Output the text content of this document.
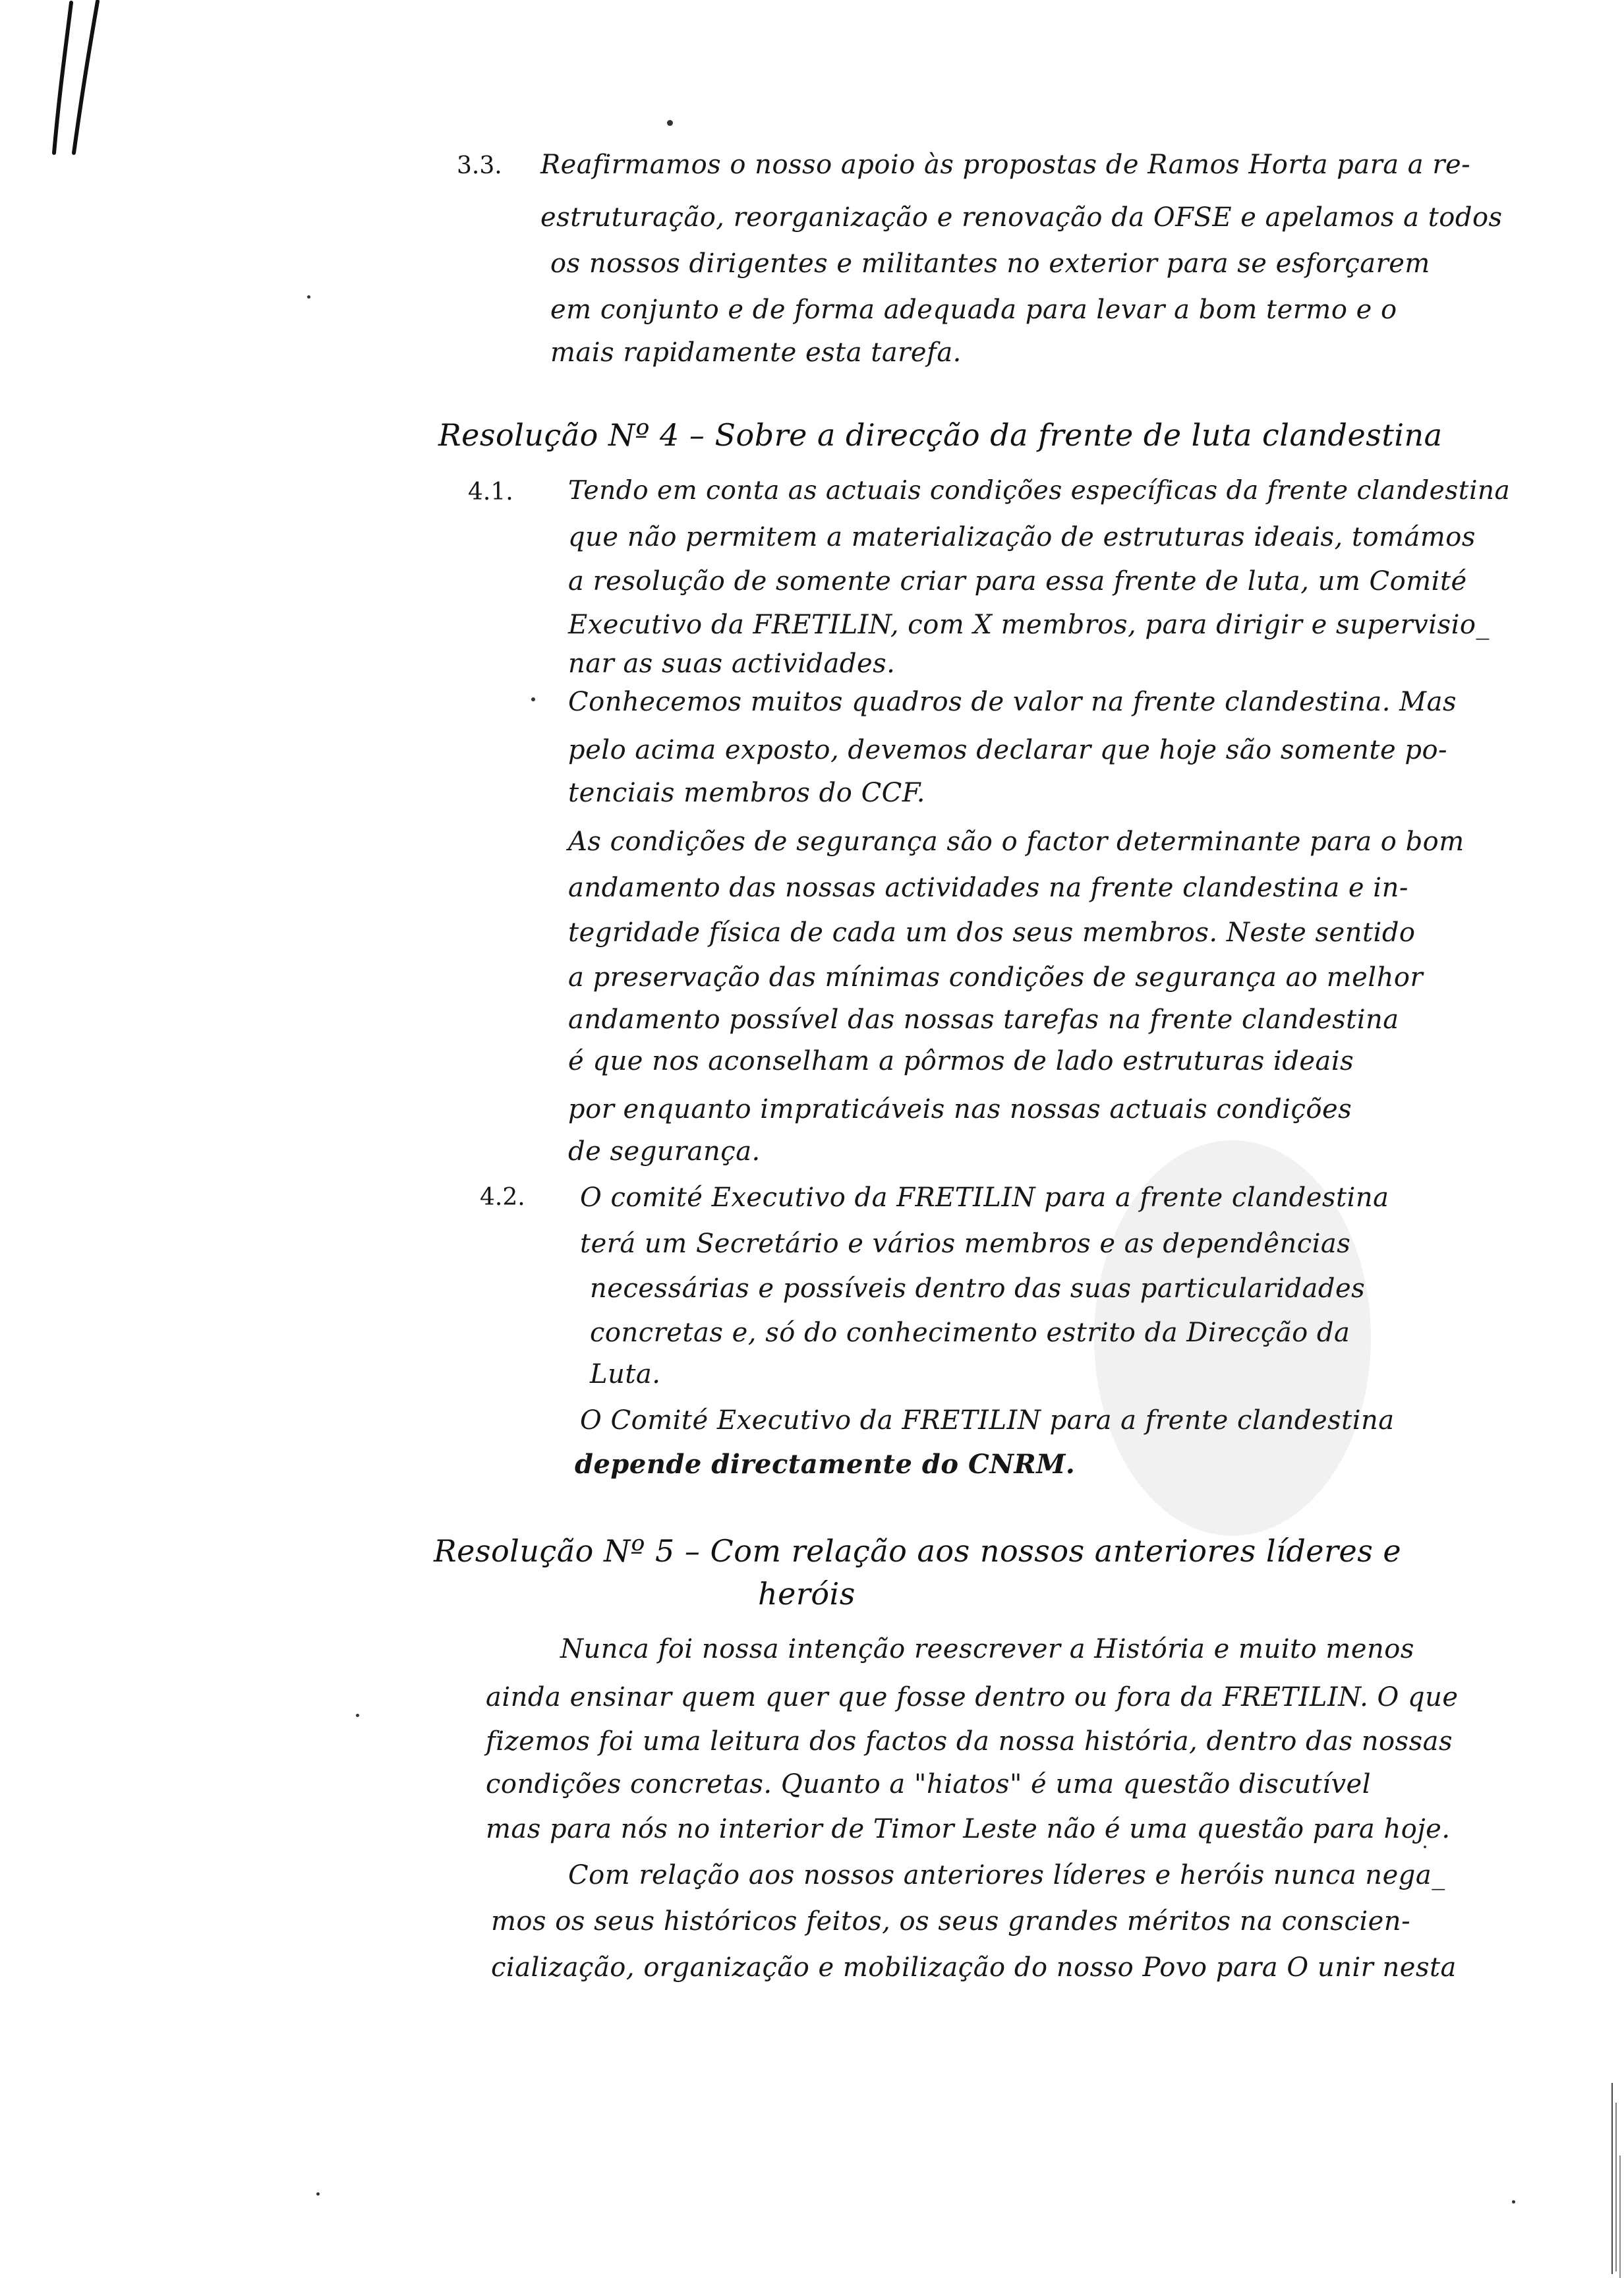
3.3. Reafirmamos o nosso apoio às propostas de Ramos Horta para a re-
estruturação, reorganização e renovação da OFSE e apelamos a todos
os nossos dirigentes e militantes no exterior para se esforçarem
em conjunto e de forma adequada para levar a bom termo e o
mais rapidamente esta tarefa.
Resolução Nº 4 – Sobre a direcção da frente de luta clandestina
4.1. Tendo em conta as actuais condições específicas da frente clandestina
que não permitem a materialização de estruturas ideais, tomámos
a resolução de somente criar para essa frente de luta, um Comité
Executivo da FRETILIN, com X membros, para dirigir e supervisio_
nar as suas actividades.
Conhecemos muitos quadros de valor na frente clandestina. Mas
pelo acima exposto, devemos declarar que hoje são somente po-
tenciais membros do CCF.
As condições de segurança são o factor determinante para o bom
andamento das nossas actividades na frente clandestina e in-
tegridade física de cada um dos seus membros. Neste sentido
a preservação das mínimas condições de segurança ao melhor
andamento possível das nossas tarefas na frente clandestina
é que nos aconselham a pôrmos de lado estruturas ideais
por enquanto impraticáveis nas nossas actuais condições
de segurança.
4.2. O comité Executivo da FRETILIN para a frente clandestina
terá um Secretário e vários membros e as dependências
necessárias e possíveis dentro das suas particularidades
concretas e, só do conhecimento estrito da Direcção da
Luta.
O Comité Executivo da FRETILIN para a frente clandestina
depende directamente do CNRM.
Resolução Nº 5 – Com relação aos nossos anteriores líderes e
heróis
Nunca foi nossa intenção reescrever a História e muito menos
ainda ensinar quem quer que fosse dentro ou fora da FRETILIN. O que
fizemos foi uma leitura dos factos da nossa história, dentro das nossas
condições concretas. Quanto a "hiatos" é uma questão discutível
mas para nós no interior de Timor Leste não é uma questão para hoje.
Com relação aos nossos anteriores líderes e heróis nunca nega_
mos os seus históricos feitos, os seus grandes méritos na conscien-
cialização, organização e mobilização do nosso Povo para O unir nesta
